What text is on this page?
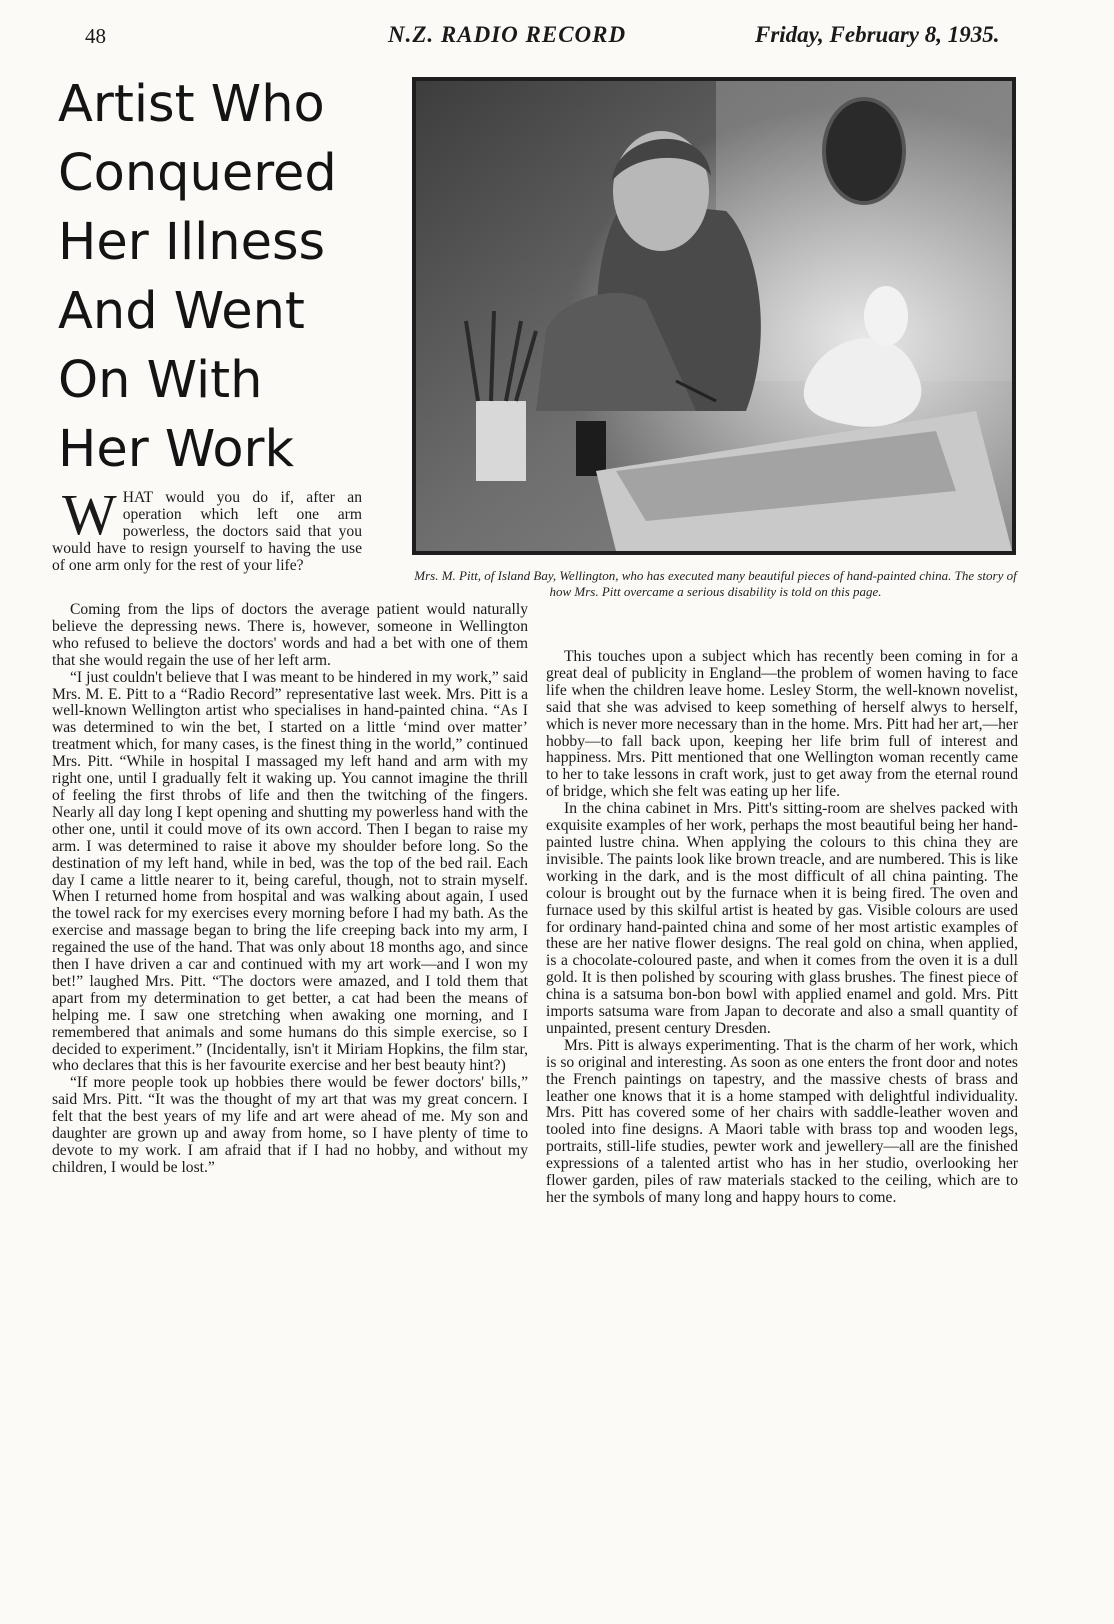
48	N.Z. RADIO RECORD	Friday, February 8, 1935.
Artist Who
Conquered
Her Illness
And Went
On With
Her Work
Mrs. M. Pitt, of Island Bay, Wellington, who has executed many beautiful pieces of hand-painted china. The story of how Mrs. Pitt overcame a serious disability is told on this page.
WHAT would you do if, after an operation which left one arm powerless, the doctors said that you would have to resign yourself to having the use of one arm only for the rest of your life?

Coming from the lips of doctors the average patient would naturally believe the depressing news. There is, however, someone in Wellington who refused to believe the doctors' words and had a bet with one of them that she would regain the use of her left arm.

“I just couldn't believe that I was meant to be hindered in my work,” said Mrs. M. E. Pitt to a “Radio Record” representative last week. Mrs. Pitt is a well-known Wellington artist who specialises in hand-painted china. “As I was determined to win the bet, I started on a little ‘mind over matter’ treatment which, for many cases, is the finest thing in the world,” continued Mrs. Pitt. “While in hospital I massaged my left hand and arm with my right one, until I gradually felt it waking up. You cannot imagine the thrill of feeling the first throbs of life and then the twitching of the fingers. Nearly all day long I kept opening and shutting my powerless hand with the other one, until it could move of its own accord. Then I began to raise my arm. I was determined to raise it above my shoulder before long. So the destination of my left hand, while in bed, was the top of the bed rail. Each day I came a little nearer to it, being careful, though, not to strain myself. When I returned home from hospital and was walking about again, I used the towel rack for my exercises every morning before I had my bath. As the exercise and massage began to bring the life creeping back into my arm, I regained the use of the hand. That was only about 18 months ago, and since then I have driven a car and continued with my art work—and I won my bet!” laughed Mrs. Pitt. “The doctors were amazed, and I told them that apart from my determination to get better, a cat had been the means of helping me. I saw one stretching when awaking one morning, and I remembered that animals and some humans do this simple exercise, so I decided to experiment.” (Incidentally, isn't it Miriam Hopkins, the film star, who declares that this is her favourite exercise and her best beauty hint?)

“If more people took up hobbies there would be fewer doctors' bills,” said Mrs. Pitt. “It was the thought of my art that was my great concern. I felt that the best years of my life and art were ahead of me. My son and daughter are grown up and away from home, so I have plenty of time to devote to my work. I am afraid that if I had no hobby, and without my children, I would be lost.”

This touches upon a subject which has recently been coming in for a great deal of publicity in England—the problem of women having to face life when the children leave home. Lesley Storm, the well-known novelist, said that she was advised to keep something of herself alwys to herself, which is never more necessary than in the home. Mrs. Pitt had her art,—her hobby—to fall back upon, keeping her life brim full of interest and happiness. Mrs. Pitt mentioned that one Wellington woman recently came to her to take lessons in craft work, just to get away from the eternal round of bridge, which she felt was eating up her life.

In the china cabinet in Mrs. Pitt's sitting-room are shelves packed with exquisite examples of her work, perhaps the most beautiful being her hand-painted lustre china. When applying the colours to this china they are invisible. The paints look like brown treacle, and are numbered. This is like working in the dark, and is the most difficult of all china painting. The colour is brought out by the furnace when it is being fired. The oven and furnace used by this skilful artist is heated by gas. Visible colours are used for ordinary hand-painted china and some of her most artistic examples of these are her native flower designs. The real gold on china, when applied, is a chocolate-coloured paste, and when it comes from the oven it is a dull gold. It is then polished by scouring with glass brushes. The finest piece of china is a satsuma bon-bon bowl with applied enamel and gold. Mrs. Pitt imports satsuma ware from Japan to decorate and also a small quantity of unpainted, present century Dresden.

Mrs. Pitt is always experimenting. That is the charm of her work, which is so original and interesting. As soon as one enters the front door and notes the French paintings on tapestry, and the massive chests of brass and leather one knows that it is a home stamped with delightful individuality. Mrs. Pitt has covered some of her chairs with saddle-leather woven and tooled into fine designs. A Maori table with brass top and wooden legs, portraits, still-life studies, pewter work and jewellery—all are the finished expressions of a talented artist who has in her studio, overlooking her flower garden, piles of raw materials stacked to the ceiling, which are to her the symbols of many long and happy hours to come.
